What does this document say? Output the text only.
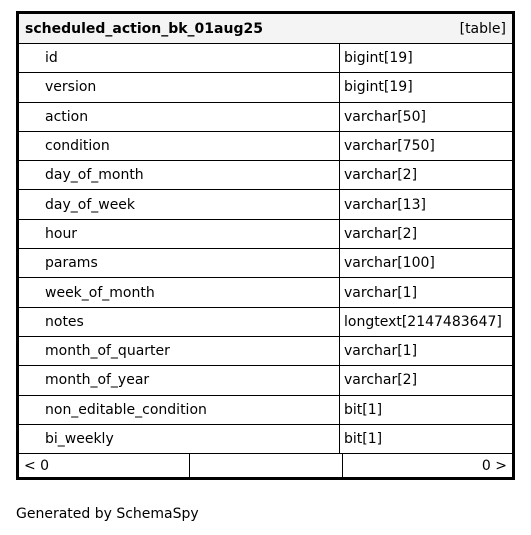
scheduled_action_bk_01aug25	[table]
id	bigint[19]
version	bigint[19]
action	varchar[50]
condition	varchar[750]
day_of_month	varchar[2]
day_of_week	varchar[13]
hour	varchar[2]
params	varchar[100]
week_of_month	varchar[1]
notes	longtext[2147483647]
month_of_quarter	varchar[1]
month_of_year	varchar[2]
non_editable_condition	bit[1]
bi_weekly	bit[1]
< 0	0 >
Generated by SchemaSpy
